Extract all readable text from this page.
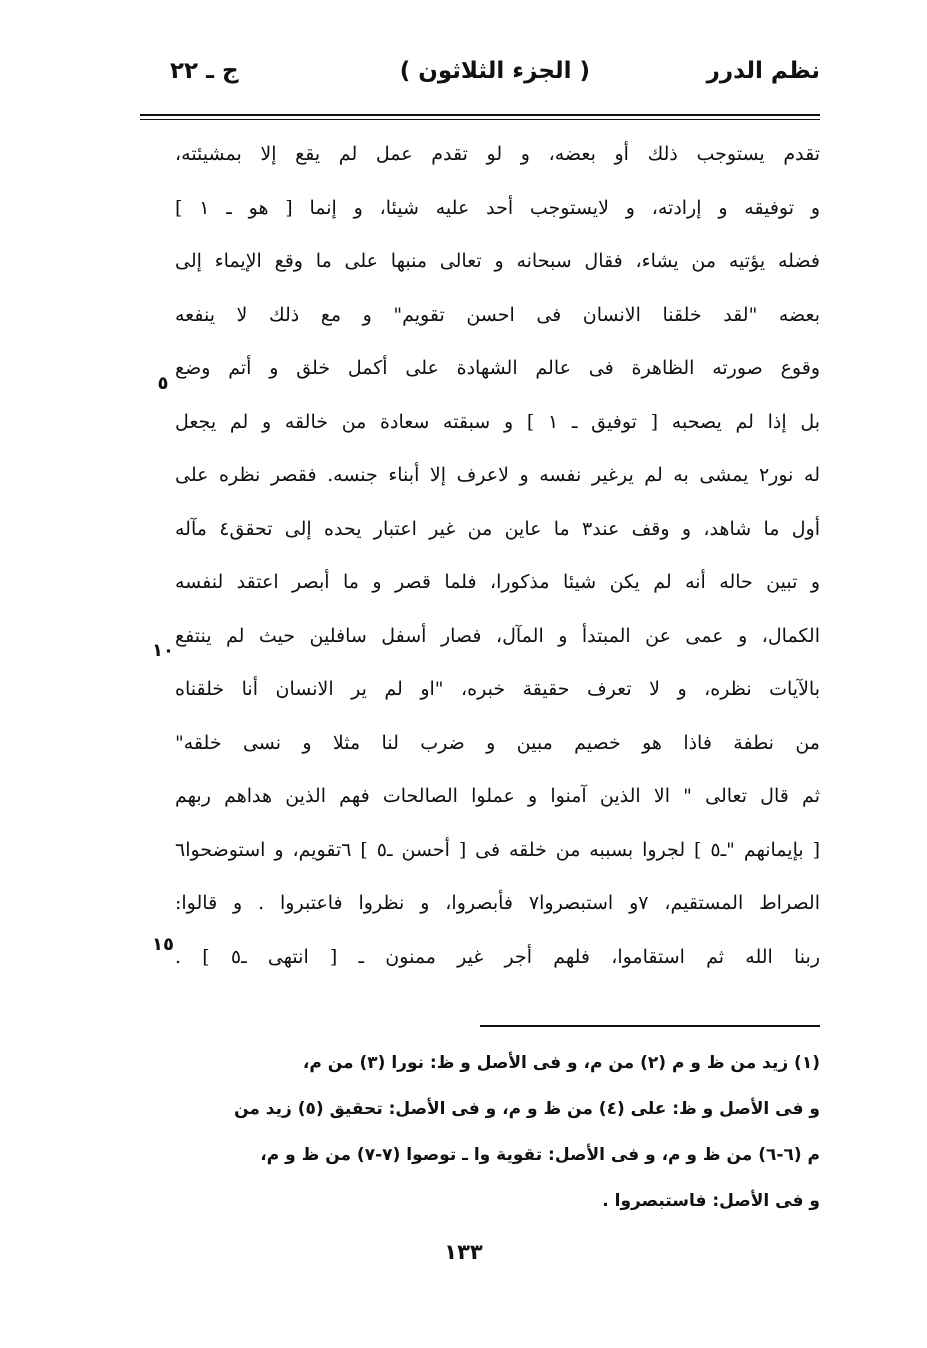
نظم الدرر
( الجزء الثلاثون )
ج ـ ٢٢
تقدم يستوجب ذلك أو بعضه، و لو تقدم عمل لم يقع إلا بمشيئته،
و توفيقه و إرادته، و لايستوجب أحد عليه شيئا، و إنما [ هو ـ ١ ]
فضله يؤتيه من يشاء، فقال سبحانه و تعالى منبها على ما وقع الإيماء إلى
بعضه "لقد خلقنا الانسان فى احسن تقويم" و مع ذلك لا ينفعه
وقوع صورته الظاهرة فى عالم الشهادة على أكمل خلق و أتم وضع
بل إذا لم يصحبه [ توفيق ـ ١ ] و سبقته سعادة من خالقه و لم يجعل
له نور٢ يمشى به لم يرغير نفسه و لاعرف إلا أبناء جنسه. فقصر نظره على
أول ما شاهد، و وقف عند٣ ما عاين من غير اعتبار يحده إلى تحقق٤ مآله
و تبين حاله أنه لم يكن شيئا مذكورا، فلما قصر و ما أبصر اعتقد لنفسه
الكمال، و عمى عن المبتدأ و المآل، فصار أسفل سافلين حيث لم ينتفع
بالآيات نظره، و لا تعرف حقيقة خبره، "او لم ير الانسان أنا خلقناه
من نطفة فاذا هو خصيم مبين و ضرب لنا مثلا و نسى خلقه"
ثم قال تعالى " الا الذين آمنوا و عملوا الصالحات فهم الذين هداهم ربهم
[ بإيمانهم "ـ٥ ] لجروا بسببه من خلقه فى [ أحسن ـ٥ ] ٦تقويم، و استوضحوا٦
الصراط المستقيم، ٧و استبصروا٧ فأبصروا، و نظروا فاعتبروا . و قالوا:
ربنا الله ثم استقاموا، فلهم أجر غير ممنون ـ [ انتهى ـ٥ ] .
٥
١٠
١٥
(١) زيد من ظ و م (٢) من م، و فى الأصل و ظ: نورا (٣) من م،
و فى الأصل و ظ: على (٤) من ظ و م، و فى الأصل: تحقيق (٥) زيد من
م (٦-٦) من ظ و م، و فى الأصل: تقوية وا ـ توصوا (٧-٧) من ظ و م،
و فى الأصل: فاستبصروا .
١٣٣
